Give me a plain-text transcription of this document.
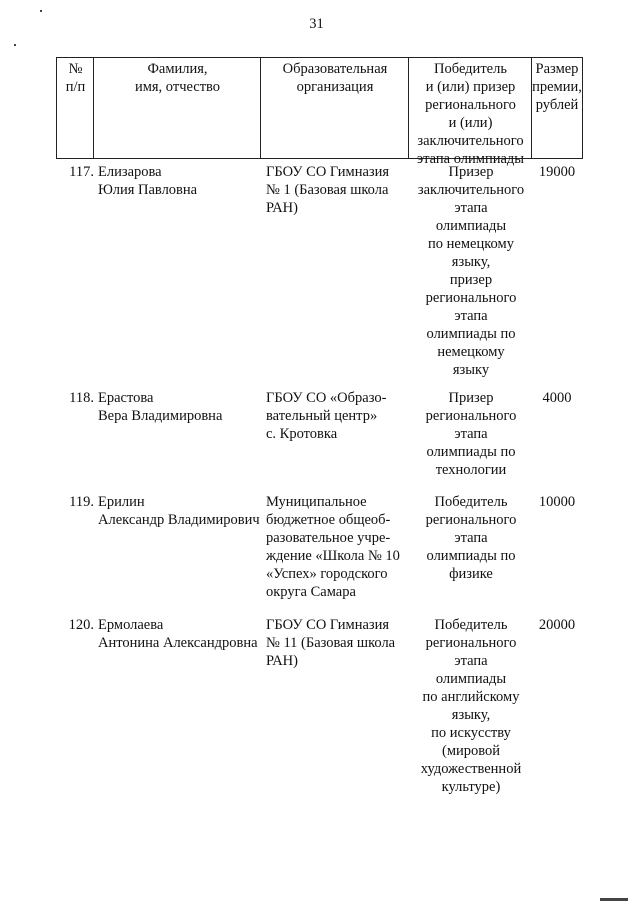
31
№
п/п
Фамилия,
имя, отчество
Образовательная
организация
Победитель
и (или) призер
регионального
и (или)
заключительного
этапа олимпиады
Размер
премии,
рублей
117. Елизарова
Юлия Павловна
ГБОУ СО Гимназия
№ 1 (Базовая школа
РАН)
Призер
заключительного
этапа
олимпиады
по немецкому
языку,
призер
регионального
этапа
олимпиады по
немецкому
языку
19000
118. Ерастова
Вера Владимировна
ГБОУ СО «Образо-
вательный центр»
с. Кротовка
Призер
регионального
этапа
олимпиады по
технологии
4000
119. Ерилин
Александр Владимирович
Муниципальное
бюджетное общеоб-
разовательное учре-
ждение «Школа № 10
«Успех» городского
округа Самара
Победитель
регионального
этапа
олимпиады по
физике
10000
120. Ермолаева
Антонина Александровна
ГБОУ СО Гимназия
№ 11 (Базовая школа
РАН)
Победитель
регионального
этапа
олимпиады
по английскому
языку,
по искусству
(мировой
художественной
культуре)
20000
